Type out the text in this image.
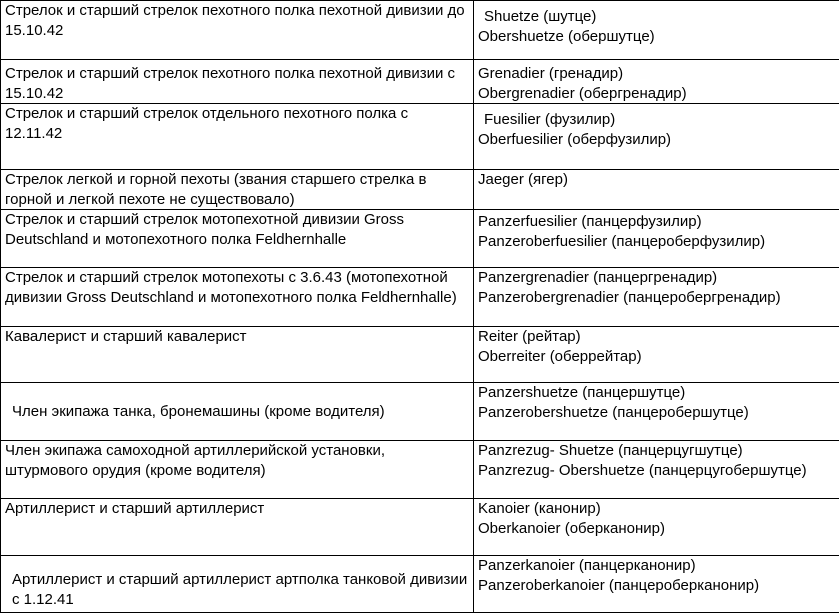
Стрелок и старший стрелок пехотного полка пехотной дивизии до 15.10.42	Shuetze (шутце)
Obershuetze (обершутце)

Стрелок и старший стрелок пехотного полка пехотной дивизии с 15.10.42	Grenadier (гренадир)
Obergrenadier (обергренадир)

Стрелок и старший стрелок отдельного пехотного полка с 12.11.42	Fuesilier (фузилир)
Oberfuesilier (оберфузилир)

Стрелок легкой и горной пехоты (звания старшего стрелка в горной и легкой пехоте не существовало)	Jaeger (ягер)

Стрелок и старший стрелок мотопехотной дивизии Gross Deutschland и мотопехотного полка Feldhernhalle	Panzerfuesilier (панцерфузилир)
Panzeroberfuesilier (панцероберфузилир)

Стрелок и старший стрелок мотопехоты с 3.6.43 (мотопехотной дивизии Gross Deutschland и мотопехотного полка Feldhernhalle)	Panzergrenadier (панцергренадир)
Panzerobergrenadier (панцеробергренадир)

Кавалерист и старший кавалерист	Reiter (рейтар)
Oberreiter (оберрейтар)

Член экипажа танка, бронемашины (кроме водителя)	Panzershuetze (панцершутце)
Panzerobershuetze (панцеробершутце)

Член экипажа самоходной артиллерийской установки, штурмового орудия (кроме водителя)	Panzrezug- Shuetze (панцерцугшутце)
Panzrezug- Obershuetze (панцерцугобершутце)

Артиллерист и старший артиллерист	Kanoier (канонир)
Oberkanoier (оберканонир)

Артиллерист и старший артиллерист артполка танковой дивизии с 1.12.41	Panzerkanoier (панцерканонир)
Panzeroberkanoier (панцероберканонир)
